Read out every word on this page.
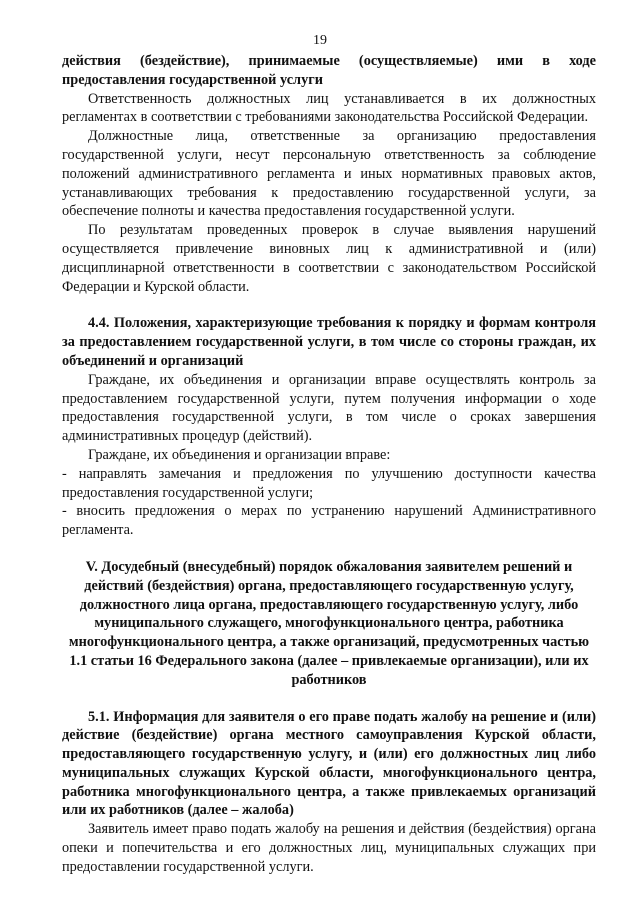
19

действия (бездействие), принимаемые (осуществляемые) ими в ходе предоставления государственной услуги

Ответственность должностных лиц устанавливается в их должностных регламентах в соответствии с требованиями законодательства Российской Федерации.

Должностные лица, ответственные за организацию предоставления государственной услуги, несут персональную ответственность за соблюдение положений административного регламента и иных нормативных правовых актов, устанавливающих требования к предоставлению государственной услуги, за обеспечение полноты и качества предоставления государственной услуги.

По результатам проведенных проверок в случае выявления нарушений осуществляется привлечение виновных лиц к административной и (или) дисциплинарной ответственности в соответствии с законодательством Российской Федерации и Курской области.

4.4. Положения, характеризующие требования к порядку и формам контроля за предоставлением государственной услуги, в том числе со стороны граждан, их объединений и организаций

Граждане, их объединения и организации вправе осуществлять контроль за предоставлением государственной услуги, путем получения информации о ходе предоставления государственной услуги, в том числе о сроках завершения административных процедур (действий).

Граждане, их объединения и организации вправе:

- направлять замечания и предложения по улучшению доступности качества предоставления государственной услуги;

- вносить предложения о мерах по устранению нарушений Административного регламента.

V. Досудебный (внесудебный) порядок обжалования заявителем решений и действий (бездействия) органа, предоставляющего государственную услугу, должностного лица органа, предоставляющего государственную услугу, либо муниципального служащего, многофункционального центра, работника многофункционального центра, а также организаций, предусмотренных частью 1.1 статьи 16 Федерального закона (далее – привлекаемые организации), или их работников

5.1. Информация для заявителя о его праве подать жалобу на решение и (или) действие (бездействие) органа местного самоуправления Курской области, предоставляющего государственную услугу, и (или) его должностных лиц либо муниципальных служащих Курской области, многофункционального центра, работника многофункционального центра, а также привлекаемых организаций или их работников (далее – жалоба)

Заявитель имеет право подать жалобу на решения и действия (бездействия) органа опеки и попечительства и его должностных лиц, муниципальных служащих при предоставлении государственной услуги.
